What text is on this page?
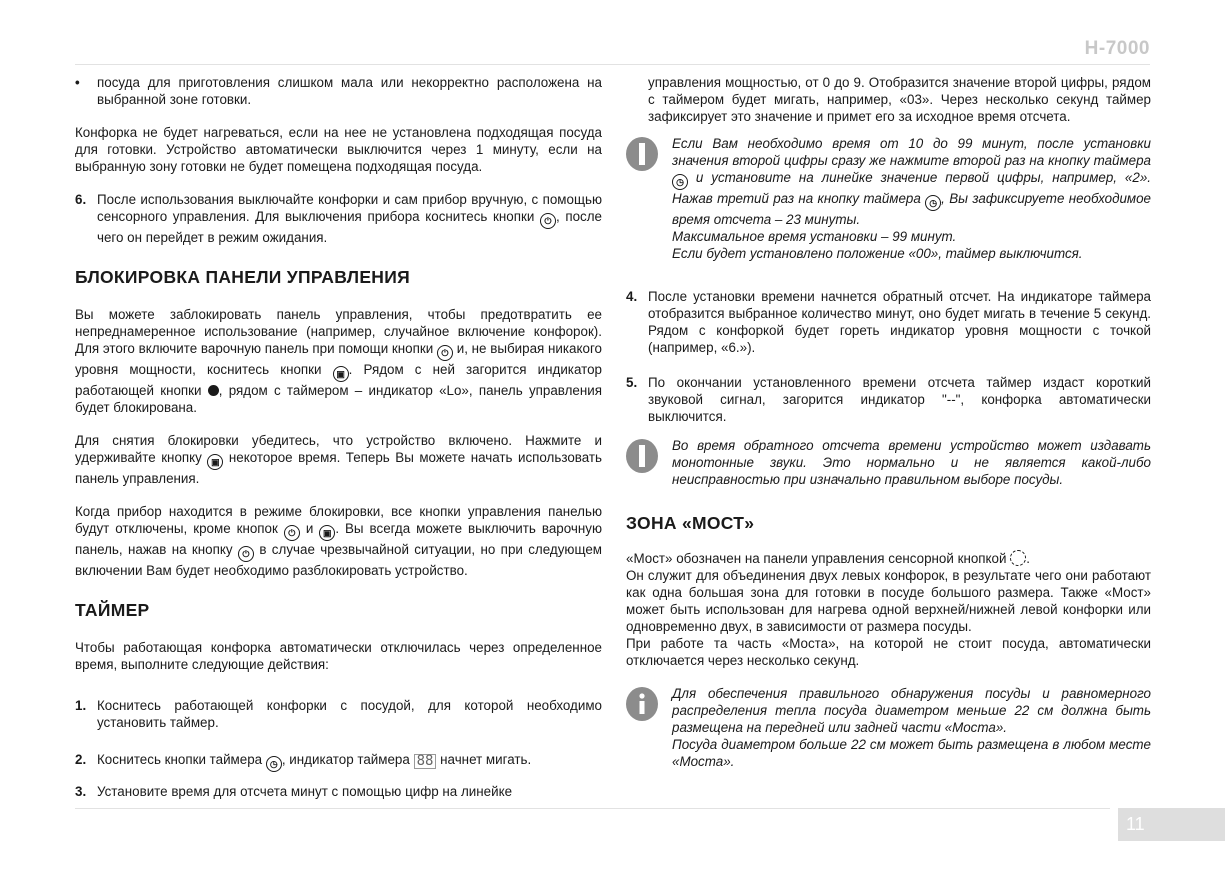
H-7000
•	посуда для приготовления слишком мала или некорректно расположена на выбранной зоне готовки.

Конфорка не будет нагреваться, если на нее не установлена подходящая посуда для готовки. Устройство автоматически выключится через 1 минуту, если на выбранную зону готовки не будет помещена подходящая посуда.

6. После использования выключайте конфорки и сам прибор вручную, с помощью сенсорного управления. Для выключения прибора коснитесь кнопки ⏻ , после чего он перейдет в режим ожидания.
БЛОКИРОВКА ПАНЕЛИ УПРАВЛЕНИЯ

Вы можете заблокировать панель управления, чтобы предотвратить ее непреднамеренное использование (например, случайное включение конфорок). Для этого включите варочную панель при помощи кнопки ⏻ и, не выбирая никакого уровня мощности, коснитесь кнопки ▣ . Рядом с ней загорится индикатор работающей кнопки , рядом с таймером – индикатор «Lo», панель управления будет блокирована.

Для снятия блокировки убедитесь, что устройство включено. Нажмите и удерживайте кнопку ▣ некоторое время. Теперь Вы можете начать использовать панель управления.

Когда прибор находится в режиме блокировки, все кнопки управления панелью будут отключены, кроме кнопок ⏻ и ▣ . Вы всегда можете выключить варочную панель, нажав на кнопку ⏻ в случае чрезвычайной ситуации, но при следующем включении Вам будет необходимо разблокировать устройство.

ТАЙМЕР

Чтобы работающая конфорка автоматически отключилась через определенное время, выполните следующие действия:

1. Коснитесь работающей конфорки с посудой, для которой необходимо установить таймер.
2. Коснитесь кнопки таймера ◷ , индикатор таймера 88 начнет мигать.
3. Установите время для отсчета минут с помощью цифр на линейке

управления мощностью, от 0 до 9. Отобразится значение второй цифры, рядом с таймером будет мигать, например, «03». Через несколько секунд таймер зафиксирует это значение и примет его за исходное время отсчета.

Если Вам необходимо время от 10 до 99 минут, после установки значения второй цифры сразу же нажмите второй раз на кнопку таймера ◷ и установите на линейке значение первой цифры, например, «2». Нажав третий раз на кнопку таймера ◷ , Вы зафиксируете необходимое время отсчета – 23 минуты.

Максимальное время установки – 99 минут.

Если будет установлено положение «00», таймер выключится.

4. После установки времени начнется обратный отсчет. На индикаторе таймера отобразится выбранное количество минут, оно будет мигать в течение 5 секунд. Рядом с конфоркой будет гореть индикатор уровня мощности с точкой (например, «6.»).
5. По окончании установленного времени отсчета таймер издаст короткий звуковой сигнал, загорится индикатор "--", конфорка автоматически выключится.

Во время обратного отсчета времени устройство может издавать монотонные звуки. Это нормально и не является какой-либо неисправностью при изначально правильном выборе посуды.

ЗОНА «МОСТ»

«Мост» обозначен на панели управления сенсорной кнопкой .

Он служит для объединения двух левых конфорок, в результате чего они работают как одна большая зона для готовки в посуде большого размера. Также «Мост» может быть использован для нагрева одной верхней/нижней левой конфорки или одновременно двух, в зависимости от размера посуды.

При работе та часть «Моста», на которой не стоит посуда, автоматически отключается через несколько секунд.

Для обеспечения правильного обнаружения посуды и равномерного распределения тепла посуда диаметром меньше 22 см должна быть размещена на передней или задней части «Моста».

Посуда диаметром больше 22 см может быть размещена в любом месте «Моста».

11
